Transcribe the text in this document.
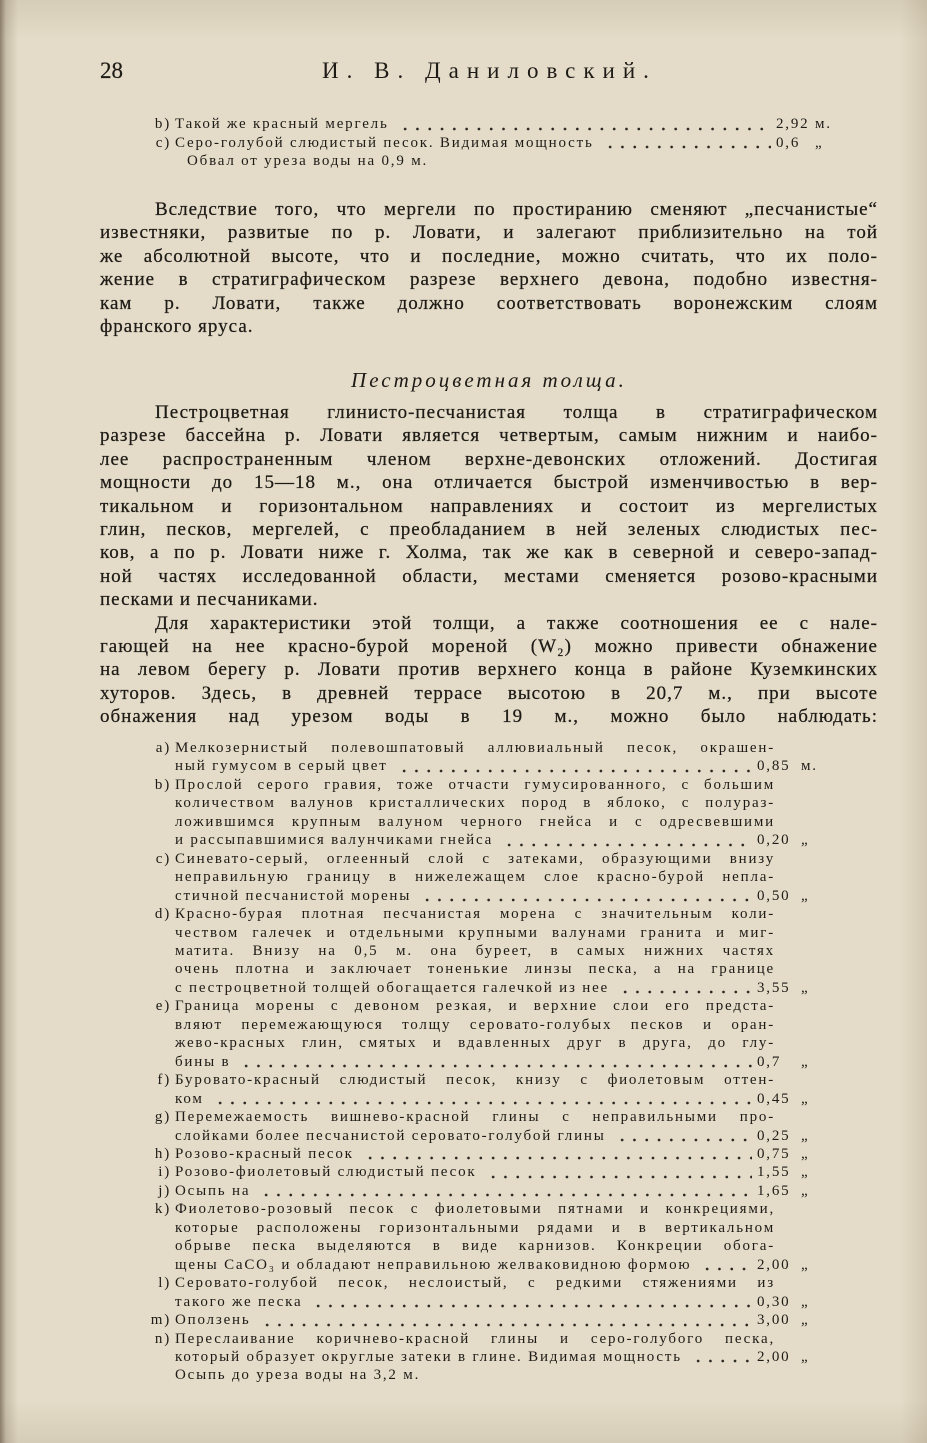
28	И. В. Даниловский.
b) Такой же красный мергель	2,92 м.
c) Серо-голубой слюдистый песок. Видимая мощность	0,6 „
Обвал от уреза воды на 0,9 м.
Вследствие того, что мергели по простиранию сменяют „песчанистые“
известняки, развитые по р. Ловати, и залегают приблизительно на той
же абсолютной высоте, что и последние, можно считать, что их поло-
жение в стратиграфическом разрезе верхнего девона, подобно известня-
кам р. Ловати, также должно соответствовать воронежским слоям
франского яруса.
Пестроцветная толща.
Пестроцветная глинисто-песчанистая толща в стратиграфическом
разрезе бассейна р. Ловати является четвертым, самым нижним и наибо-
лее распространенным членом верхне-девонских отложений. Достигая
мощности до 15—18 м., она отличается быстрой изменчивостью в вер-
тикальном и горизонтальном направлениях и состоит из мергелистых
глин, песков, мергелей, с преобладанием в ней зеленых слюдистых пес-
ков, а по р. Ловати ниже г. Холма, так же как в северной и северо-запад-
ной частях исследованной области, местами сменяется розово-красными
песками и песчаниками.
Для характеристики этой толщи, а также соотношения ее с нале-
гающей на нее красно-бурой мореной (W₂) можно привести обнажение
на левом берегу р. Ловати против верхнего конца в районе Куземкинских
хуторов. Здесь, в древней террасе высотою в 20,7 м., при высоте
обнажения над урезом воды в 19 м., можно было наблюдать:
a) Мелкозернистый полевошпатовый аллювиальный песок, окрашен-
ный гумусом в серый цвет	0,85 м.
b) Прослой серого гравия, тоже отчасти гумусированного, с большим
количеством валунов кристаллических пород в яблоко, с полураз-
ложившимся крупным валуном черного гнейса и с одресвевшими
и рассыпавшимися валунчиками гнейса	0,20 „
c) Синевато-серый, оглеенный слой с затеками, образующими внизу
неправильную границу в нижележащем слое красно-бурой непла-
стичной песчанистой морены	0,50 „
d) Красно-бурая плотная песчанистая морена с значительным коли-
чеством галечек и отдельными крупными валунами гранита и миг-
матита. Внизу на 0,5 м. она буреет, в самых нижних частях
очень плотна и заключает тоненькие линзы песка, а на границе
с пестроцветной толщей обогащается галечкой из нее	3,55 „
e) Граница морены с девоном резкая, и верхние слои его предста-
вляют перемежающуюся толщу серовато-голубых песков и оран-
жево-красных глин, смятых и вдавленных друг в друга, до глу-
бины в	0,7	„
f) Буровато-красный слюдистый песок, книзу с фиолетовым оттен-
ком	0,45 „
g) Перемежаемость вишнево-красной глины с неправильными про-
слойками более песчанистой серовато-голубой глины	0,25 „
h) Розово-красный песок	0,75 „
i) Розово-фиолетовый слюдистый песок	1,55 „
j) Осыпь на	1,65 „
k) Фиолетово-розовый песок с фиолетовыми пятнами и конкрециями,
которые расположены горизонтальными рядами и в вертикальном
обрыве песка выделяются в виде карнизов. Конкреции обога-
щены CaCO₃ и обладают неправильною желваковидною формою	2,00 „
l) Серовато-голубой песок, неслоистый, с редкими стяжениями из
такого же песка	0,30 „
m) Оползень	3,00 „
n) Переслаивание коричнево-красной глины и серо-голубого песка,
который образует округлые затеки в глине. Видимая мощность	2,00 „
Осыпь до уреза воды на 3,2 м.
